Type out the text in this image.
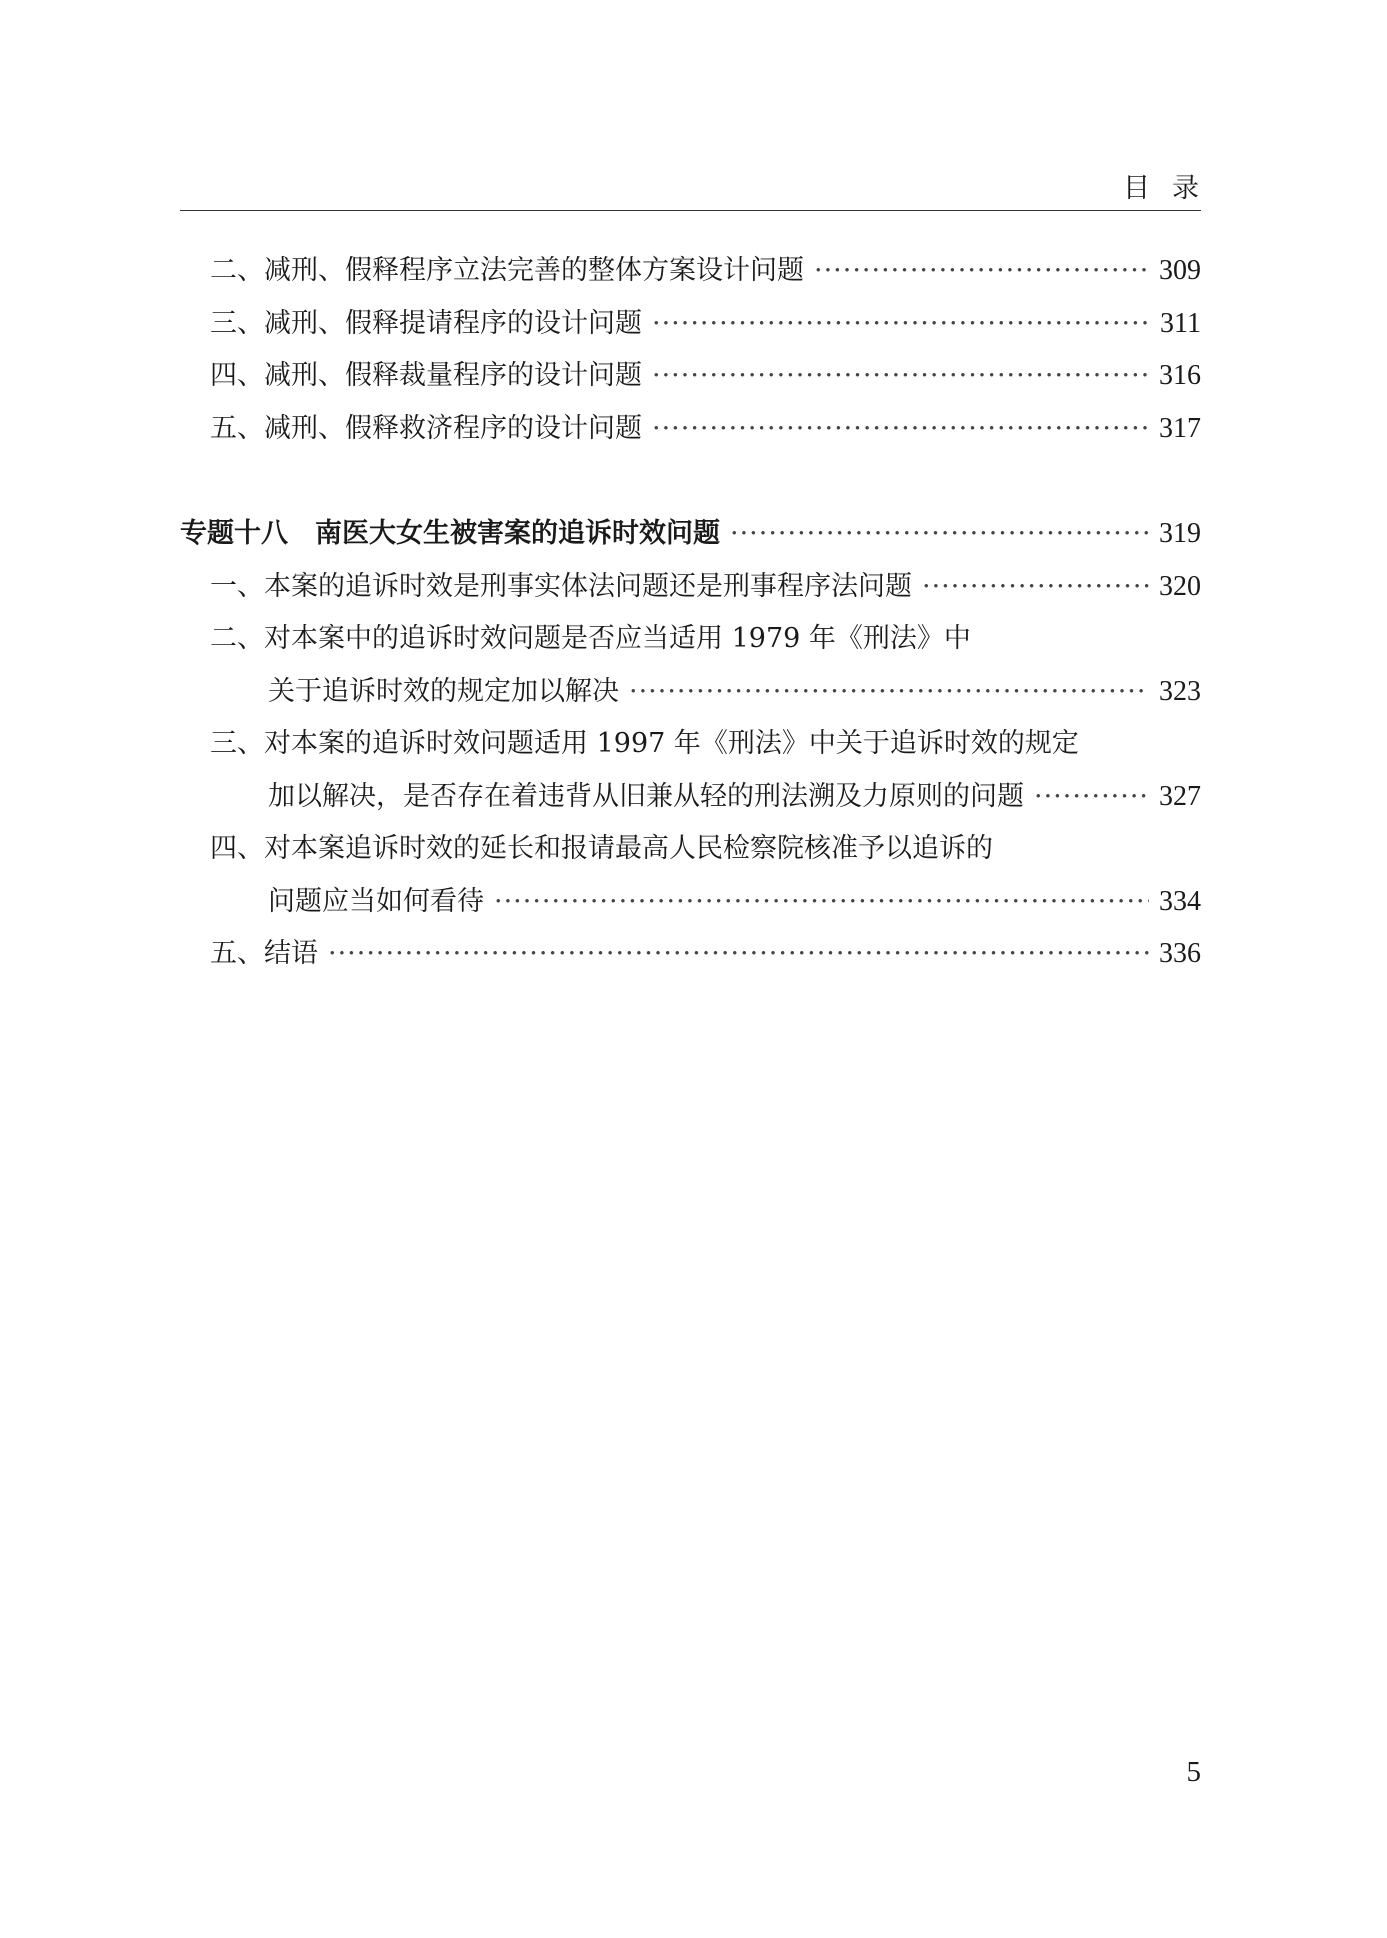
目录
二、减刑、假释程序立法完善的整体方案设计问题 ·····	309
三、减刑、假释提请程序的设计问题 ·····	311
四、减刑、假释裁量程序的设计问题 ·····	316
五、减刑、假释救济程序的设计问题 ·····	317
专题十八　南医大女生被害案的追诉时效问题 ·····	319
一、本案的追诉时效是刑事实体法问题还是刑事程序法问题 ·····	320
二、对本案中的追诉时效问题是否应当适用 1979 年《刑法》中
关于追诉时效的规定加以解决 ·····	323
三、对本案的追诉时效问题适用 1997 年《刑法》中关于追诉时效的规定
加以解决，是否存在着违背从旧兼从轻的刑法溯及力原则的问题 ·····	327
四、对本案追诉时效的延长和报请最高人民检察院核准予以追诉的
问题应当如何看待 ·····	334
五、结语 ·····	336
5
